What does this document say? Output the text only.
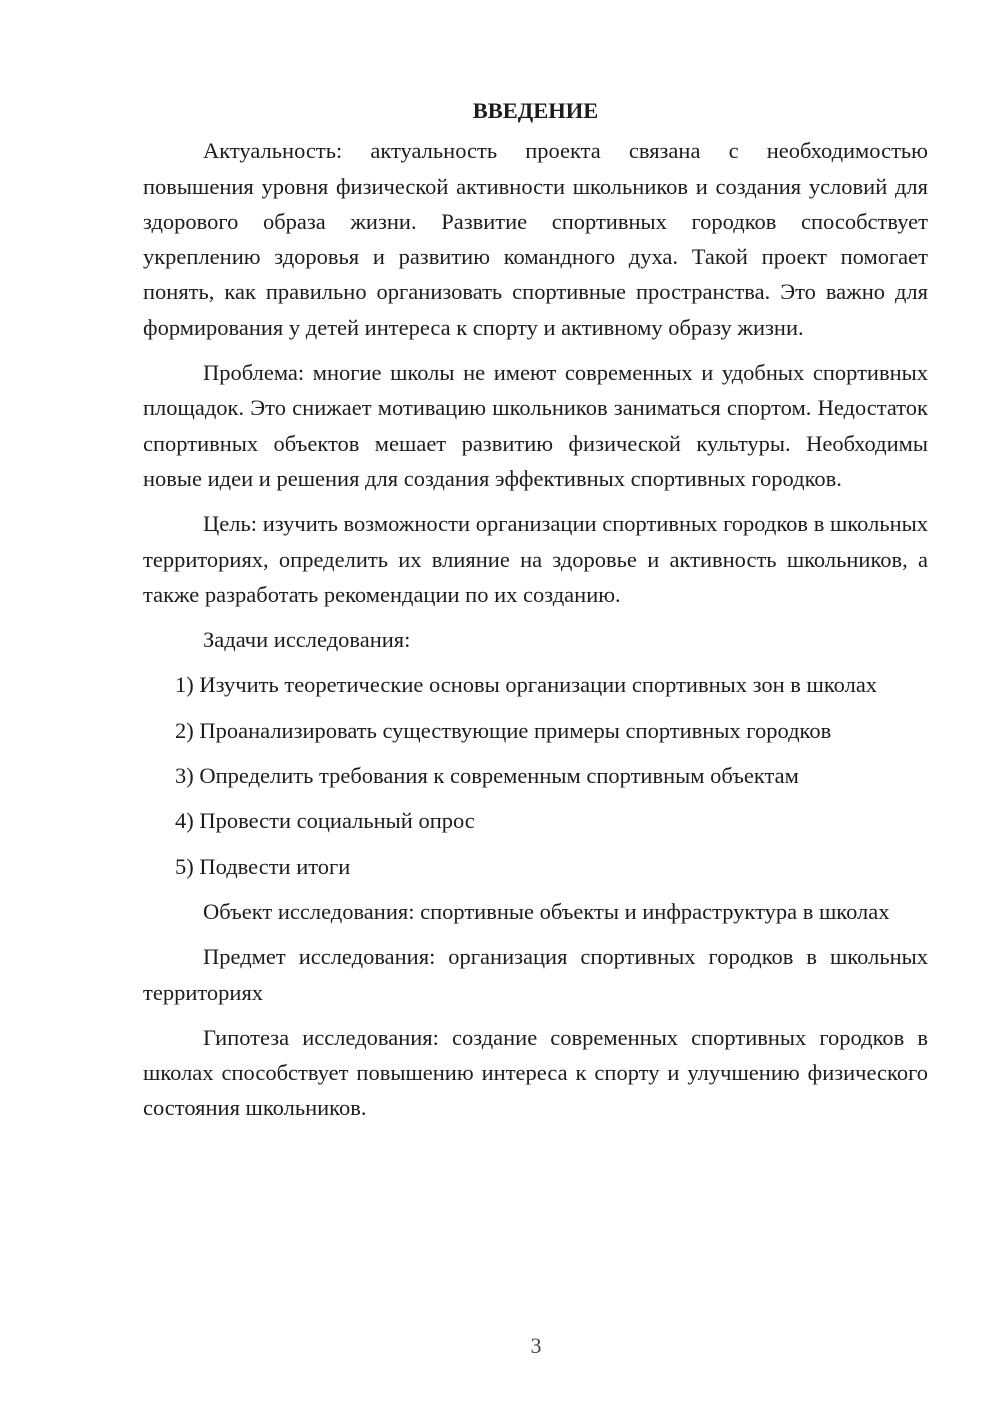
ВВЕДЕНИЕ

Актуальность: актуальность проекта связана с необходимостью повышения уровня физической активности школьников и создания условий для здорового образа жизни. Развитие спортивных городков способствует укреплению здоровья и развитию командного духа. Такой проект помогает понять, как правильно организовать спортивные пространства. Это важно для формирования у детей интереса к спорту и активному образу жизни.

Проблема: многие школы не имеют современных и удобных спортивных площадок. Это снижает мотивацию школьников заниматься спортом. Недостаток спортивных объектов мешает развитию физической культуры. Необходимы новые идеи и решения для создания эффективных спортивных городков.

Цель: изучить возможности организации спортивных городков в школьных территориях, определить их влияние на здоровье и активность школьников, а также разработать рекомендации по их созданию.

Задачи исследования:

1) Изучить теоретические основы организации спортивных зон в школах

2) Проанализировать существующие примеры спортивных городков

3) Определить требования к современным спортивным объектам

4) Провести социальный опрос

5) Подвести итоги

Объект исследования: спортивные объекты и инфраструктура в школах

Предмет исследования: организация спортивных городков в школьных территориях

Гипотеза исследования: создание современных спортивных городков в школах способствует повышению интереса к спорту и улучшению физического состояния школьников.

3
